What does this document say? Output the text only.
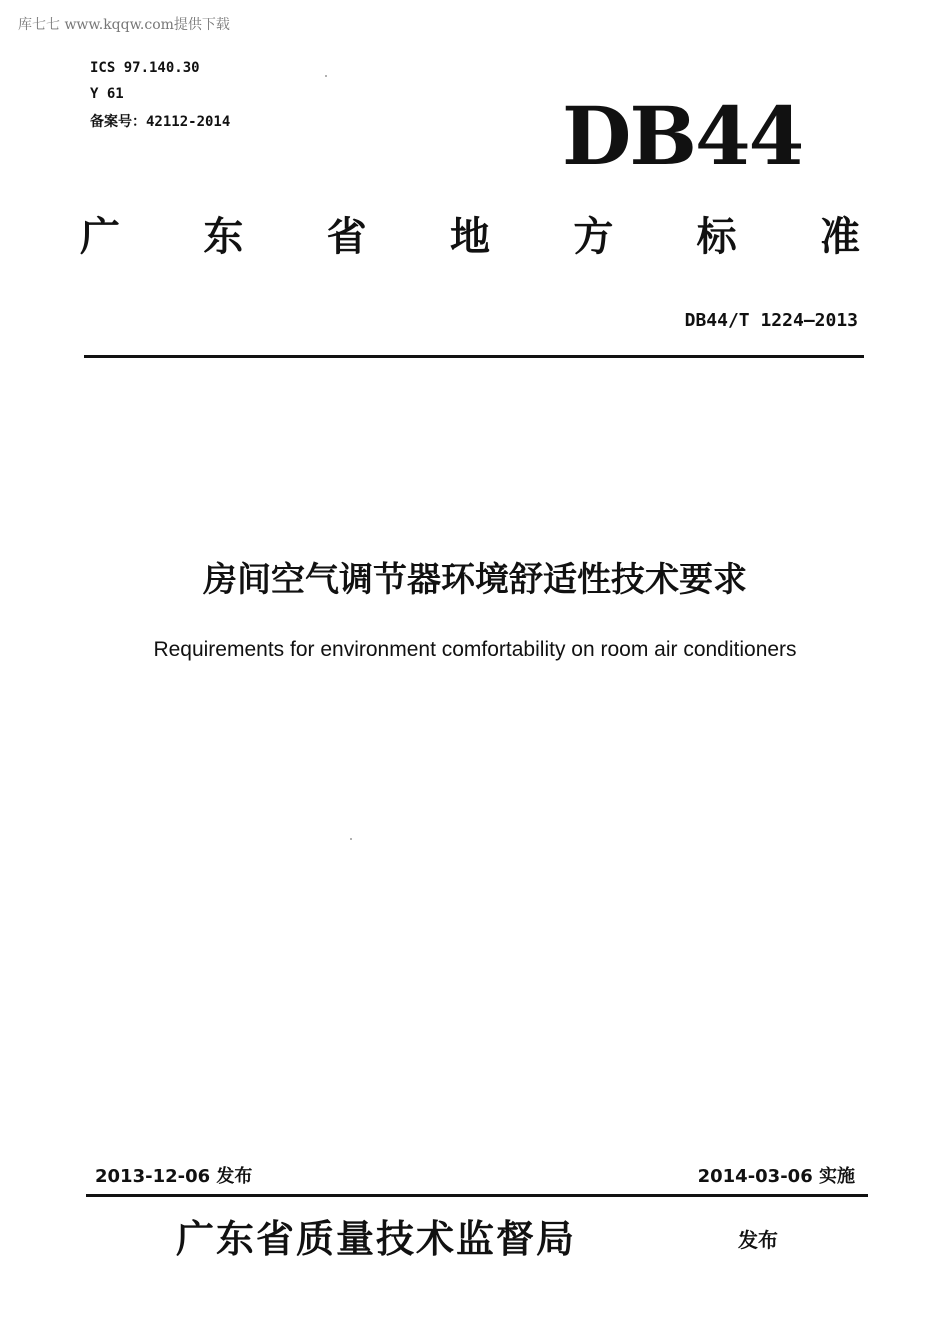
库七七 www.kqqw.com提供下载
ICS 97.140.30
Y 61
备案号：42112-2014	DB44
广 东 省 地 方 标 准
DB44/T 1224—2013
房间空气调节器环境舒适性技术要求
Requirements for environment comfortability on room air conditioners
2013-12-06 发布	2014-03-06 实施
广东省质量技术监督局	发布
